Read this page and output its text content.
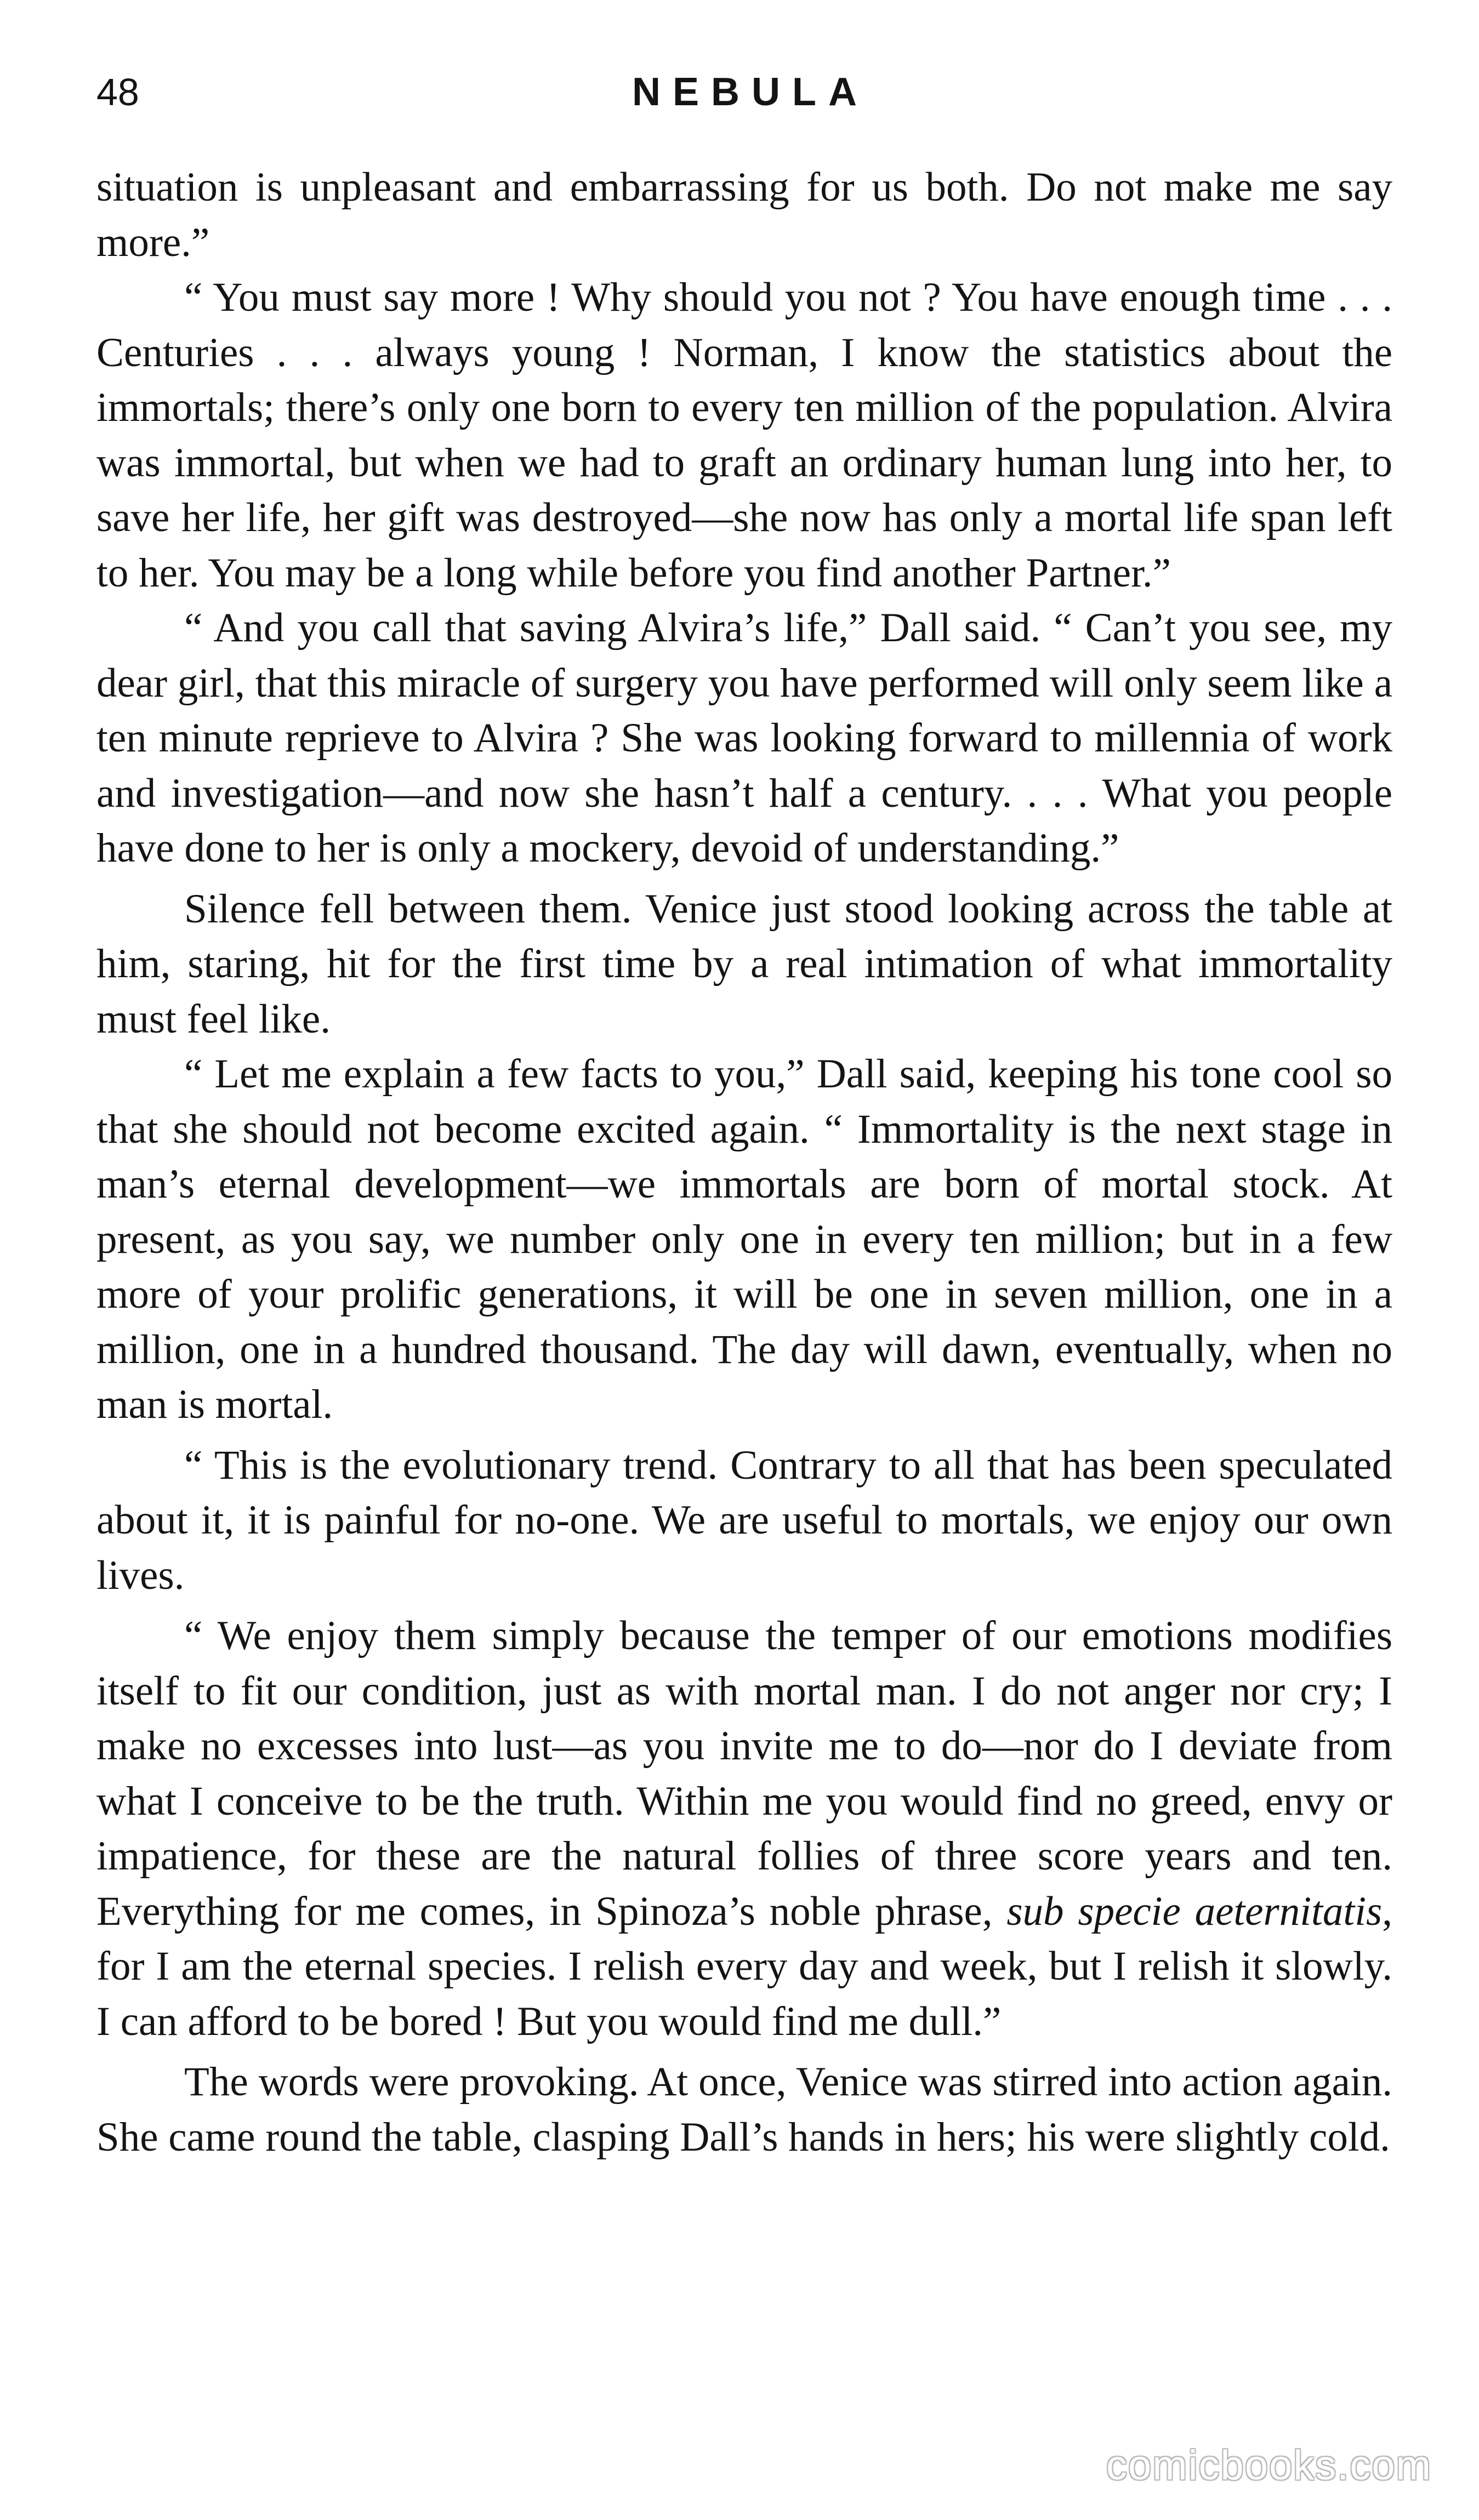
48	NEBULA

situation is unpleasant and embarrassing for us both. Do not make me say more.”

“ You must say more ! Why should you not ? You have enough time . . . Centuries . . . always young ! Norman, I know the statistics about the immortals; there’s only one born to every ten million of the population. Alvira was immortal, but when we had to graft an ordinary human lung into her, to save her life, her gift was destroyed—she now has only a mortal life span left to her. You may be a long while before you find another Partner.”

“ And you call that saving Alvira’s life,” Dall said. “ Can’t you see, my dear girl, that this miracle of surgery you have performed will only seem like a ten minute reprieve to Alvira ? She was looking forward to millennia of work and investigation—and now she hasn’t half a century. . . . What you people have done to her is only a mockery, devoid of understanding.”

Silence fell between them. Venice just stood looking across the table at him, staring, hit for the first time by a real intimation of what immortality must feel like.

“ Let me explain a few facts to you,” Dall said, keeping his tone cool so that she should not become excited again. “ Immortality is the next stage in man’s eternal development—we immortals are born of mortal stock. At present, as you say, we number only one in every ten million; but in a few more of your prolific generations, it will be one in seven million, one in a million, one in a hundred thousand. The day will dawn, eventually, when no man is mortal.

“ This is the evolutionary trend. Contrary to all that has been speculated about it, it is painful for no-one. We are useful to mortals, we enjoy our own lives.

“ We enjoy them simply because the temper of our emotions modifies itself to fit our condition, just as with mortal man. I do not anger nor cry; I make no excesses into lust—as you invite me to do—nor do I deviate from what I conceive to be the truth. Within me you would find no greed, envy or impatience, for these are the natural follies of three score years and ten. Everything for me comes, in Spinoza’s noble phrase, sub specie aeternitatis, for I am the eternal species. I relish every day and week, but I relish it slowly. I can afford to be bored ! But you would find me dull.”

The words were provoking. At once, Venice was stirred into action again. She came round the table, clasping Dall’s hands in hers; his were slightly cold.

comicbooks.com
